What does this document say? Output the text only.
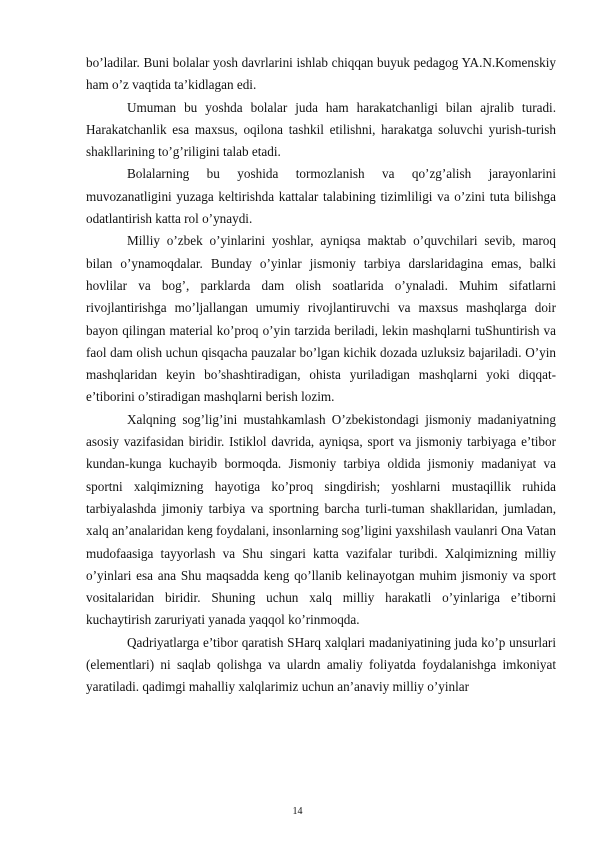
bo’ladilar. Buni bolalar yosh davrlarini ishlab chiqqan buyuk pedagog YA.N.Komenskiy ham o’z vaqtida ta’kidlagan edi.

Umuman bu yoshda bolalar juda ham harakatchanligi bilan ajralib turadi. Harakatchanlik esa maxsus, oqilona tashkil etilishni, harakatga soluvchi yurish-turish shakllarining to’g’riligini talab etadi.

Bolalarning bu yoshida tormozlanish va qo’zg’alish jarayonlarini muvozanatligini yuzaga keltirishda kattalar talabining tizimliligi va o’zini tuta bilishga odatlantirish katta rol o’ynaydi.

Milliy o’zbek o’yinlarini yoshlar, ayniqsa maktab o’quvchilari sevib, maroq bilan o’ynamoqdalar. Bunday o’yinlar jismoniy tarbiya darslaridagina emas, balki hovlilar va bog’, parklarda dam olish soatlarida o’ynaladi. Muhim sifatlarni rivojlantirishga mo’ljallangan umumiy rivojlantiruvchi va maxsus mashqlarga doir bayon qilingan material ko’proq o’yin tarzida beriladi, lekin mashqlarni tuShuntirish va faol dam olish uchun qisqacha pauzalar bo’lgan kichik dozada uzluksiz bajariladi. O’yin mashqlaridan keyin bo’shashtiradigan, ohista yuriladigan mashqlarni yoki diqqat-e’tiborini o’stiradigan mashqlarni berish lozim.

Xalqning sog’lig’ini mustahkamlash O’zbekistondagi jismoniy madaniyatning asosiy vazifasidan biridir. Istiklol davrida, ayniqsa, sport va jismoniy tarbiyaga e’tibor kundan-kunga kuchayib bormoqda. Jismoniy tarbiya oldida jismoniy madaniyat va sportni xalqimizning hayotiga ko’proq singdirish; yoshlarni mustaqillik ruhida tarbiyalashda jimoniy tarbiya va sportning barcha turli-tuman shakllaridan, jumladan, xalq an’analaridan keng foydalani, insonlarning sog’ligini yaxshilash vaulanri Ona Vatan mudofaasiga tayyorlash va Shu singari katta vazifalar turibdi. Xalqimizning milliy o’yinlari esa ana Shu maqsadda keng qo’llanib kelinayotgan muhim jismoniy va sport vositalaridan biridir. Shuning uchun xalq milliy harakatli o’yinlariga e’tiborni kuchaytirish zaruriyati yanada yaqqol ko’rinmoqda.

Qadriyatlarga e’tibor qaratish SHarq xalqlari madaniyatining juda ko’p unsurlari (elementlari) ni saqlab qolishga va ulardn amaliy foliyatda foydalanishga imkoniyat yaratiladi. qadimgi mahalliy xalqlarimiz uchun an’anaviy milliy o’yinlar

14
